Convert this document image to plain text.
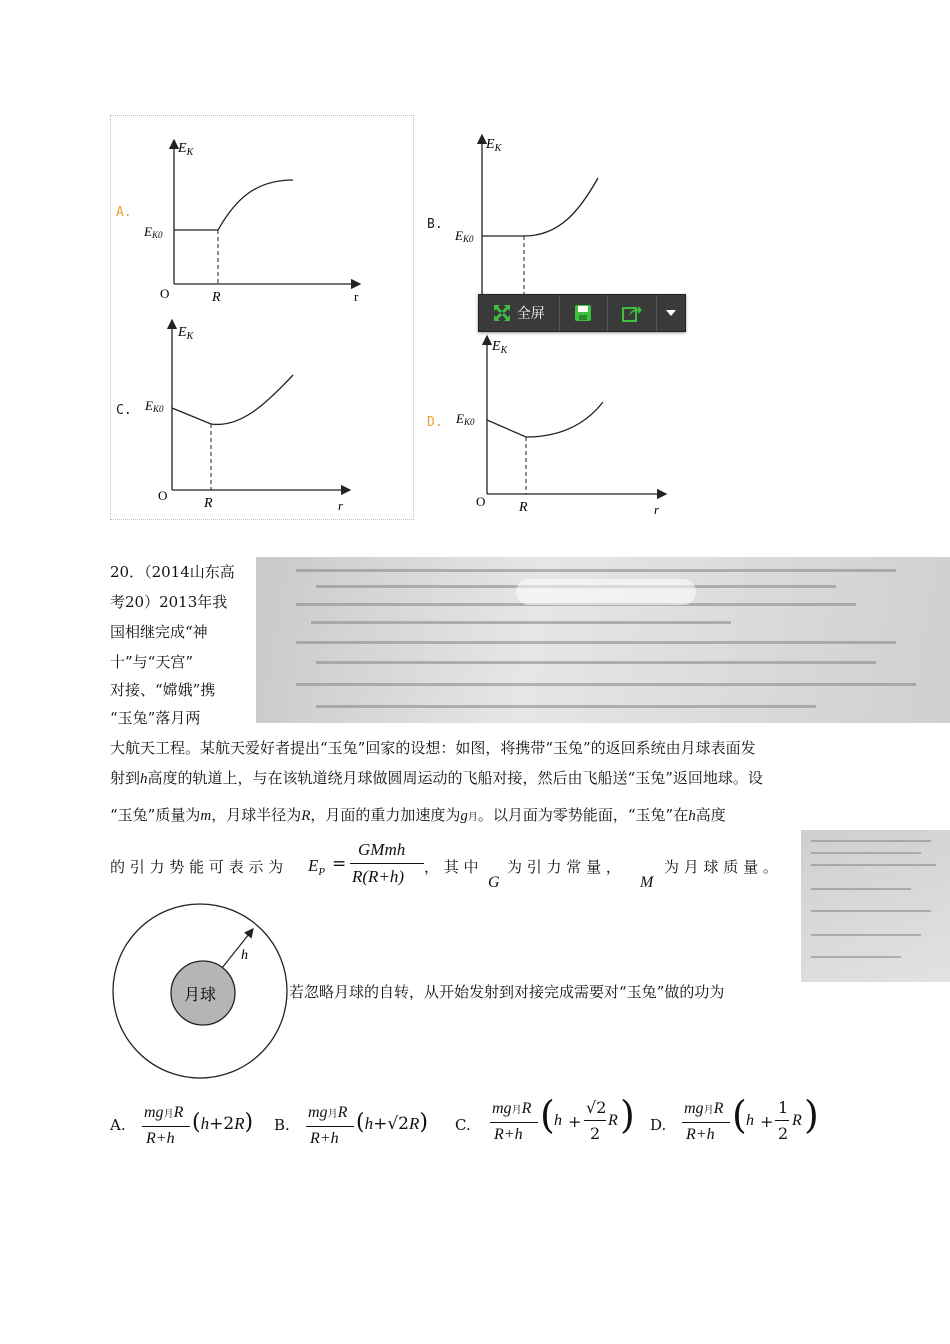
$E_K$
EK0
O	R	r
A.
$E_K$
EK0
B.
$E_K$
EK0
O
R	r
C.
$E_K$
EK0
O R	r
D.
全屏
20．（2014山东高
考20）2013年我
国相继完成“神
十”与“天宫”
对接、“嫦娥”携
“玉兔”落月两
大航天工程。某航天爱好者提出“玉兔”回家的设想：如图，将携带“玉兔”的返回系统由月球表面发
射到h高度的轨道上，与在该轨道绕月球做圆周运动的飞船对接，然后由飞船送“玉兔”返回地球。设
“玉兔”质量为m，月球半径为R，月面的重力加速度为g月。以月面为零势能面，“玉兔”在h高度
的 引 力 势 能 可 表 示 为 $E_P$ =
GMmh
R(R+h) ， 其 中
G
为 引 力 常 量 ，
M
为 月 球 质 量 。
h
月球	若忽略月球的自转，从开始发射到对接完成需要对“玉兔”做的功为
A.
mg月R
R+h
(h+2R) B.
mg月R
R+h
(h+√2R) C.
mg月R
R+h ( h +
√2
2
R ) D.
mg月R
R+h ( h +
1
2
R )
